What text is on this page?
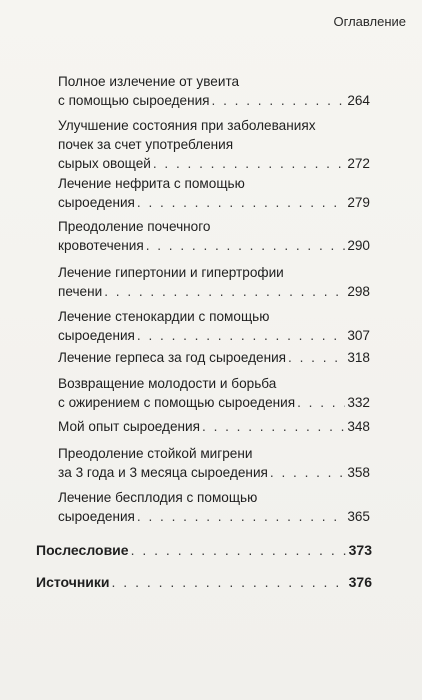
Оглавление
Полное излечение от увеита
с помощью сыроедения . . .	264
Улучшение состояния при заболеваниях
почек за счет употребления
сырых овощей . . .	272
Лечение нефрита с помощью
сыроедения . . .	279
Преодоление почечного
кровотечения . . .	290
Лечение гипертонии и гипертрофии
печени . . .	298
Лечение стенокардии с помощью
сыроедения . . .	307
Лечение герпеса за год сыроедения . . .	318
Возвращение молодости и борьба
с ожирением с помощью сыроедения . . .	332
Мой опыт сыроедения . . .	348
Преодоление стойкой мигрени
за 3 года и 3 месяца сыроедения . . .	358
Лечение бесплодия с помощью
сыроедения . . .	365
Послесловие . . .	373
Источники . . .	376
